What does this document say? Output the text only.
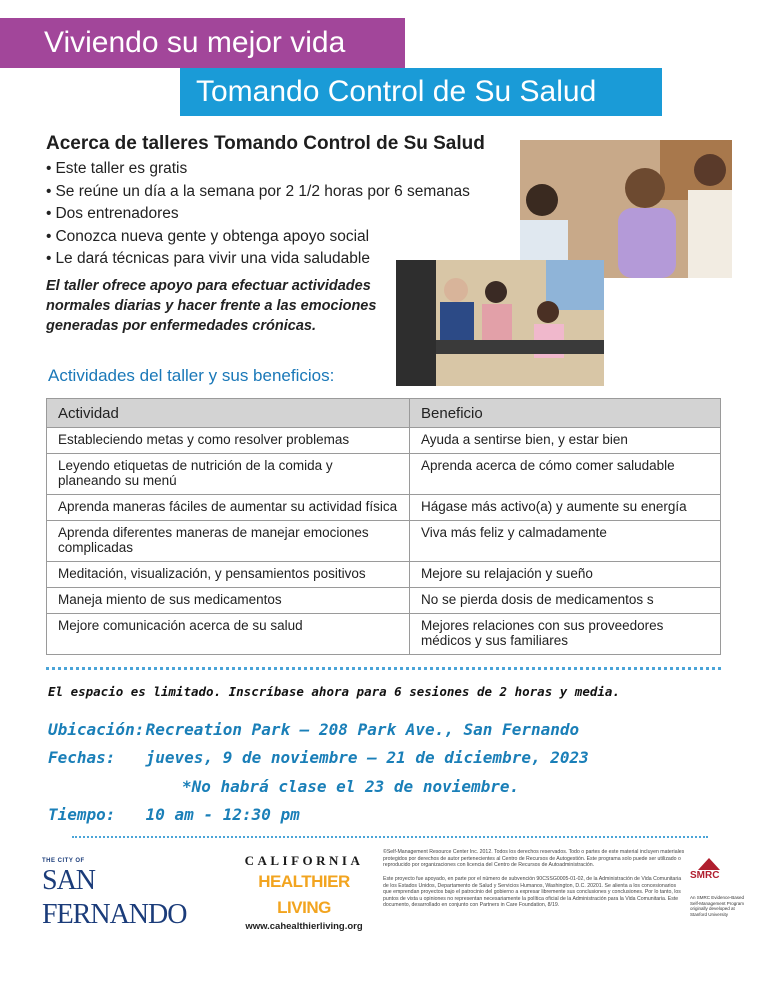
Viviendo su mejor vida
Tomando Control de Su Salud
Acerca de talleres Tomando Control de Su Salud
• Este taller es gratis
• Se reúne un día a la semana por 2 1/2 horas por 6 semanas
• Dos entrenadores
• Conozca nueva gente y obtenga apoyo social
• Le dará técnicas para vivir una vida saludable
El taller ofrece apoyo para efectuar actividades normales diarias y hacer frente a las emociones generadas por enfermedades crónicas.
Actividades del taller y sus beneficios:
Actividad	Beneficio
Estableciendo metas y como resolver problemas	Ayuda a sentirse bien, y estar bien
Leyendo etiquetas de nutrición de la comida y planeando su menú	Aprenda acerca de cómo comer saludable
Aprenda maneras fáciles de aumentar su actividad física	Hágase más activo(a) y aumente su energía
Aprenda diferentes maneras de manejar emociones complicadas	Viva más feliz y calmadamente
Meditación, visualización, y pensamientos positivos	Mejore su relajación y sueño
Maneja miento de sus medicamentos	No se pierda dosis de medicamentos s
Mejore comunicación acerca de su salud	Mejores relaciones con sus proveedores médicos y sus familiares
El espacio es limitado. Inscríbase ahora para 6 sesiones de 2 horas y media.
Ubicación: Recreation Park – 208 Park Ave., San Fernando
Fechas: jueves, 9 de noviembre – 21 de diciembre, 2023
*No habrá clase el 23 de noviembre.
Tiempo: 10 am - 12:30 pm
THE CITY OF
SAN FERNANDO
CALIFORNIA
HEALTHIER LIVING
www.cahealthierliving.org
©Self-Management Resource Center Inc. 2012. Todos los derechos reservados. Todo o partes de este material incluyen materiales protegidos por derechos de autor pertenecientes al Centro de Recursos de Autogestión. Este programa solo puede ser utilizado o reproducido por organizaciones con licencia del Centro de Recursos de Autoadministración.
Este proyecto fue apoyado, en parte por el número de subvención 90CSSG0005-01-02, de la Administración de Vida Comunitaria de los Estados Unidos, Departamento de Salud y Servicios Humanos, Washington, D.C. 20201. Se alienta a los concesionarios que emprendan proyectos bajo el patrocinio del gobierno a expresar libremente sus conclusiones y conclusiones. Por lo tanto, los puntos de vista u opiniones no representan necesariamente la política oficial de la Administración para la Vida Comunitaria. Este documento, desarrollado en conjunto con Partners in Care Foundation, 8/19.
SMRC
An SMRC Evidence-Based Self-Management Program originally developed at Stanford University
